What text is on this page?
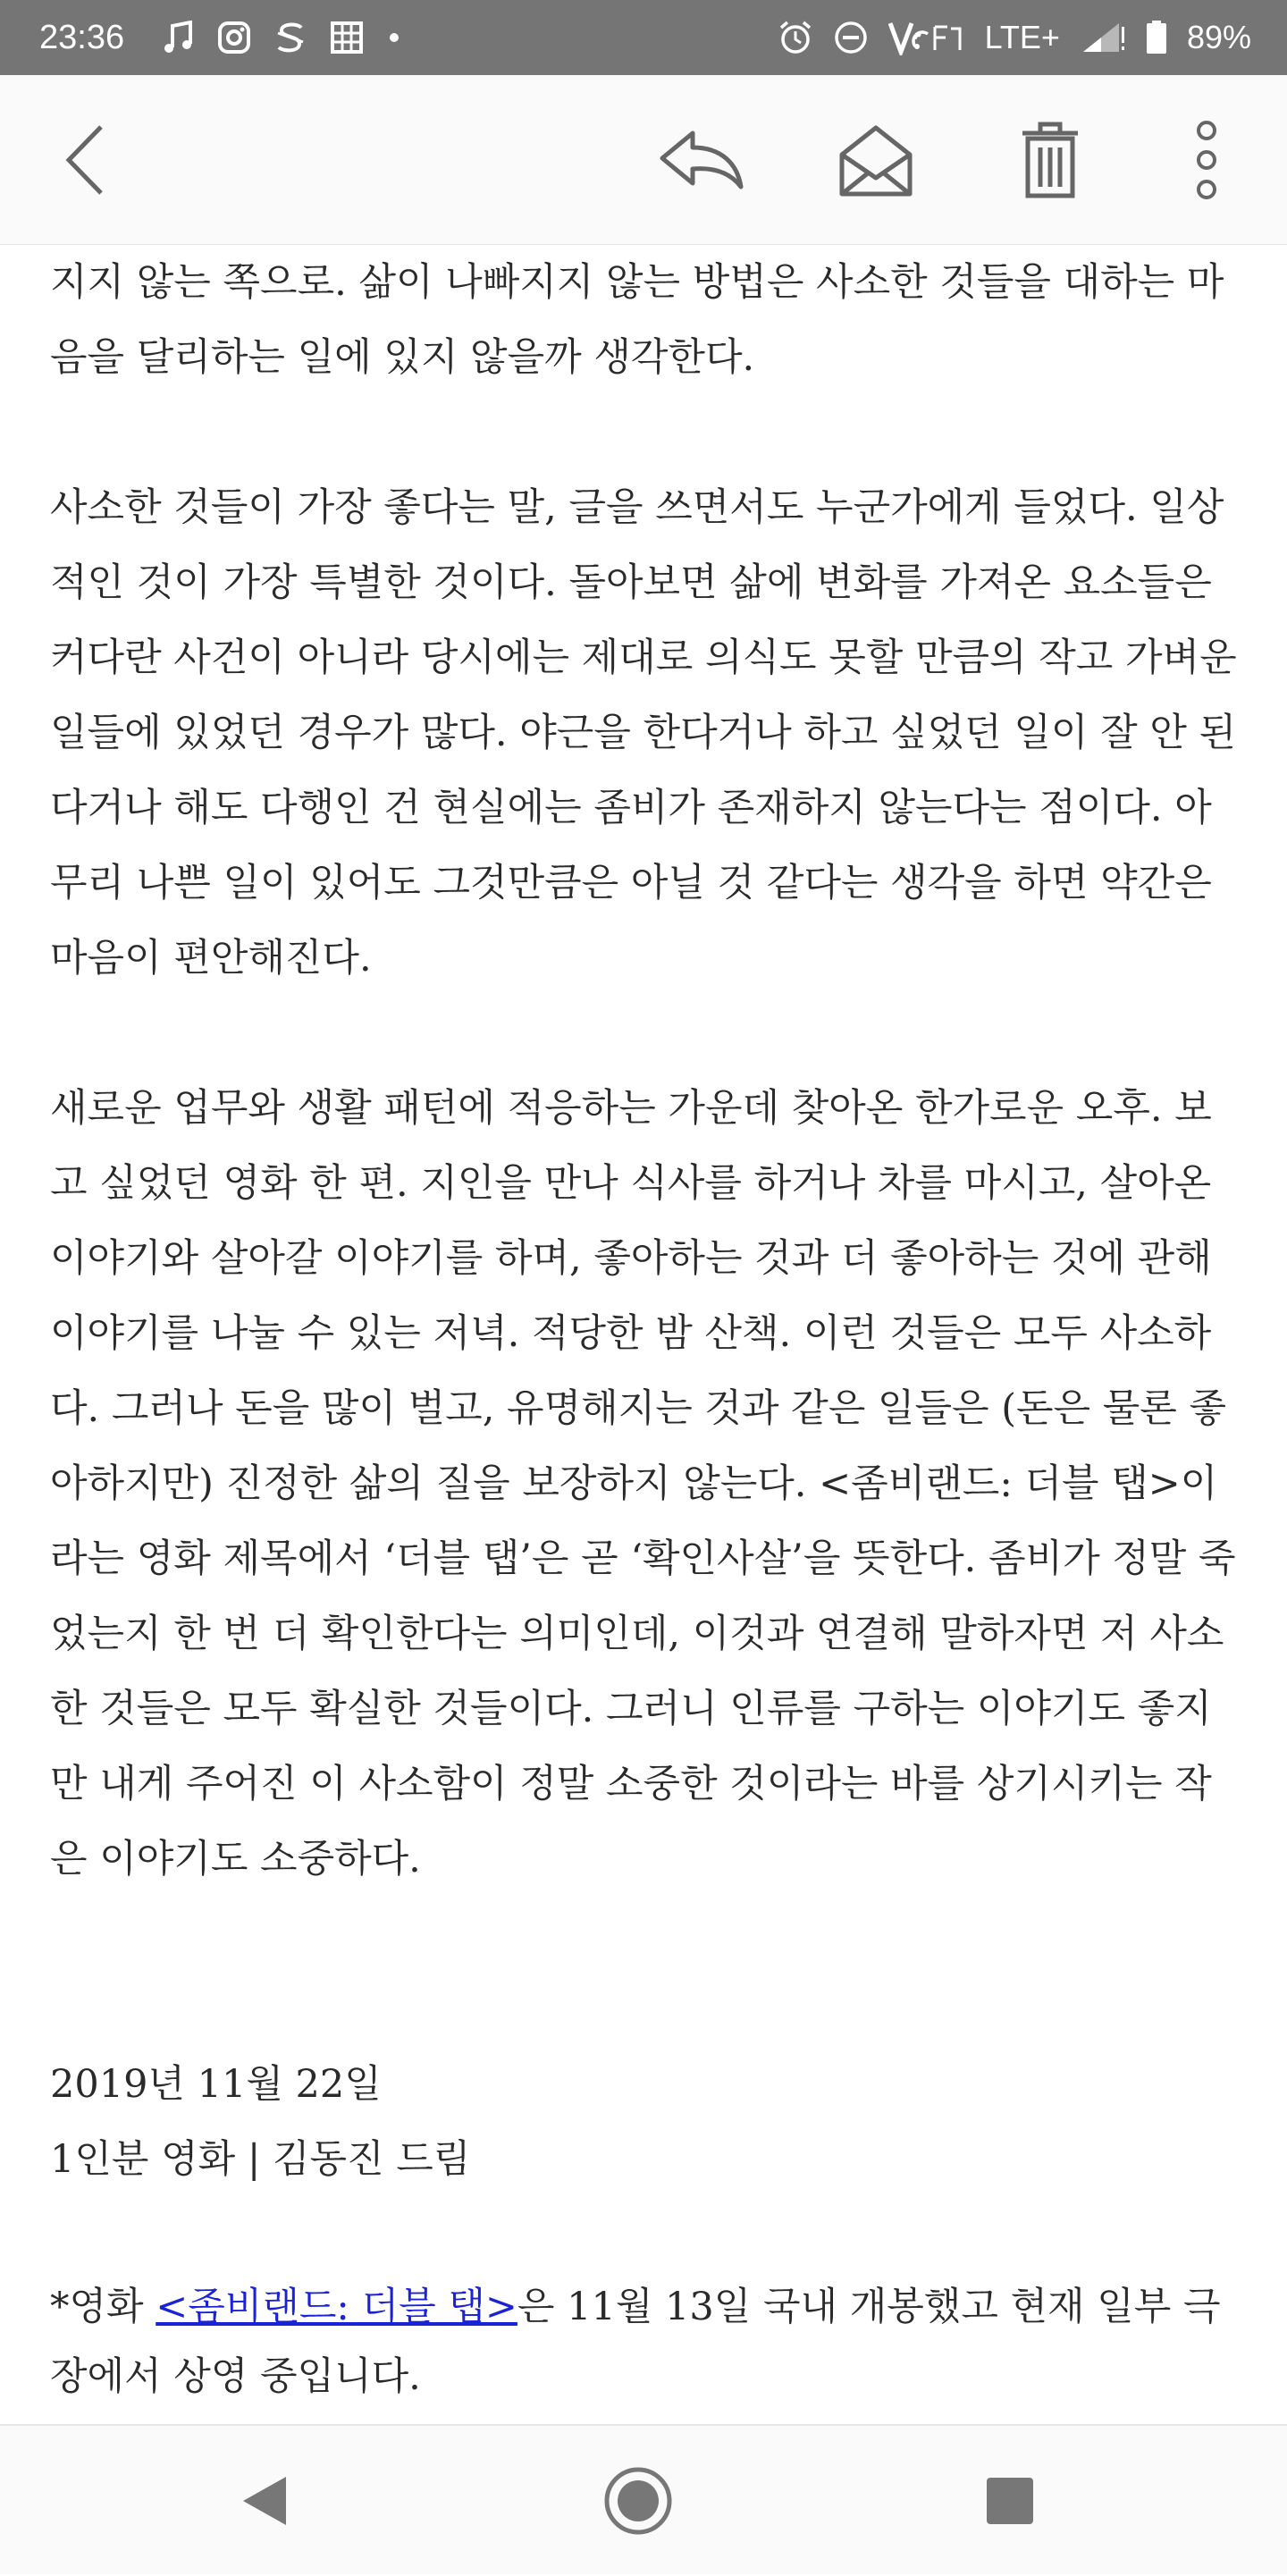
23:36	LTE+	89%

지지 않는 쪽으로. 삶이 나빠지지 않는 방법은 사소한 것들을 대하는 마음을 달리하는 일에 있지 않을까 생각한다.

사소한 것들이 가장 좋다는 말, 글을 쓰면서도 누군가에게 들었다. 일상적인 것이 가장 특별한 것이다. 돌아보면 삶에 변화를 가져온 요소들은 커다란 사건이 아니라 당시에는 제대로 의식도 못할 만큼의 작고 가벼운 일들에 있었던 경우가 많다. 야근을 한다거나 하고 싶었던 일이 잘 안 된다거나 해도 다행인 건 현실에는 좀비가 존재하지 않는다는 점이다. 아무리 나쁜 일이 있어도 그것만큼은 아닐 것 같다는 생각을 하면 약간은 마음이 편안해진다.

새로운 업무와 생활 패턴에 적응하는 가운데 찾아온 한가로운 오후. 보고 싶었던 영화 한 편. 지인을 만나 식사를 하거나 차를 마시고, 살아온 이야기와 살아갈 이야기를 하며, 좋아하는 것과 더 좋아하는 것에 관해 이야기를 나눌 수 있는 저녁. 적당한 밤 산책. 이런 것들은 모두 사소하다. 그러나 돈을 많이 벌고, 유명해지는 것과 같은 일들은 (돈은 물론 좋아하지만) 진정한 삶의 질을 보장하지 않는다. <좀비랜드: 더블 탭>이라는 영화 제목에서 ‘더블 탭’은 곧 ‘확인사살’을 뜻한다. 좀비가 정말 죽었는지 한 번 더 확인한다는 의미인데, 이것과 연결해 말하자면 저 사소한 것들은 모두 확실한 것들이다. 그러니 인류를 구하는 이야기도 좋지만 내게 주어진 이 사소함이 정말 소중한 것이라는 바를 상기시키는 작은 이야기도 소중하다.

2019년 11월 22일
1인분 영화 | 김동진 드림

*영화 <좀비랜드: 더블 탭>은 11월 13일 국내 개봉했고 현재 일부 극장에서 상영 중입니다.
